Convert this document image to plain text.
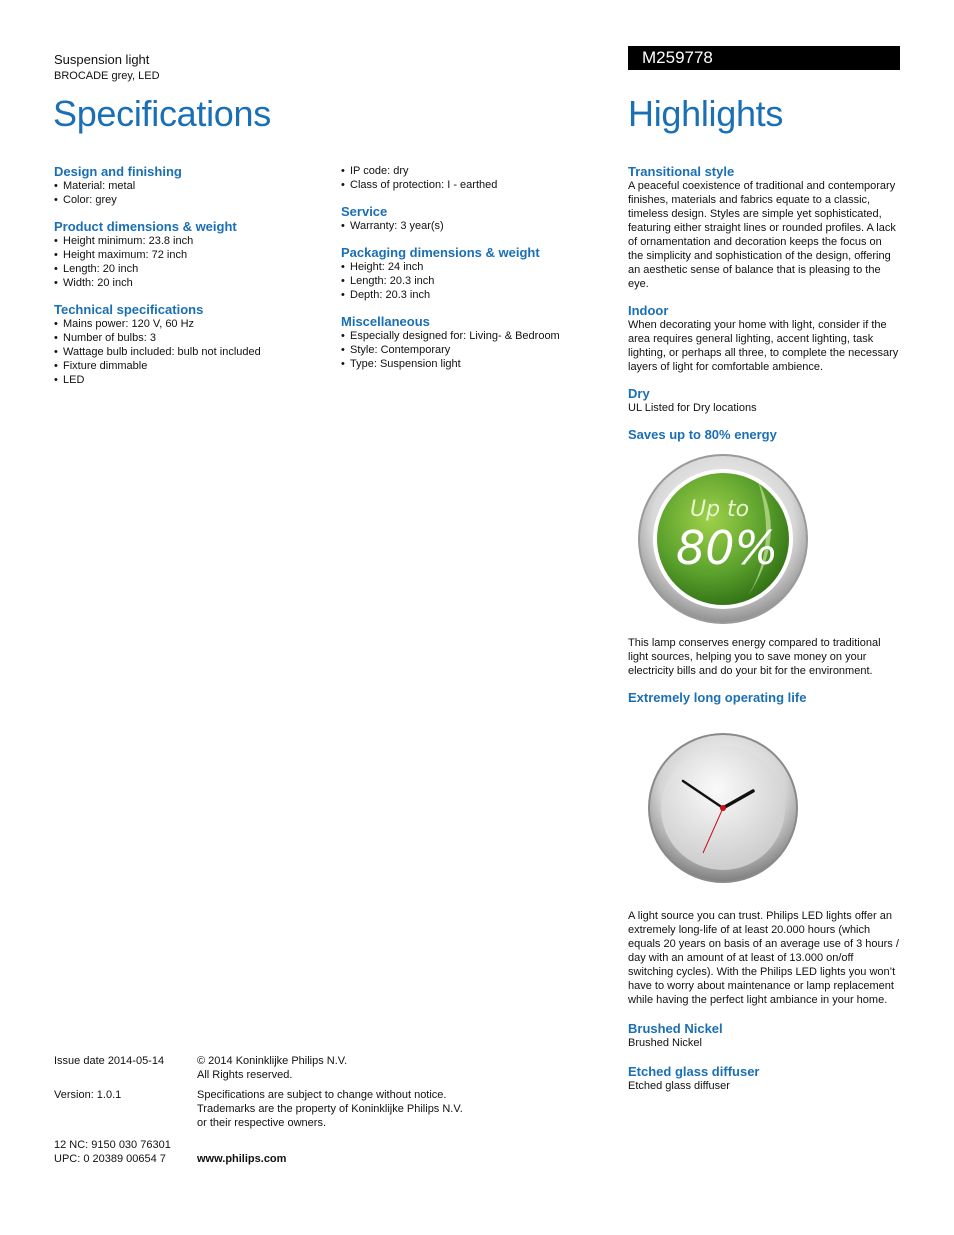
Suspension light
BROCADE grey, LED
Specifications
M259778
Highlights
Design and finishing
• Material: metal
• Color: grey
Product dimensions & weight
• Height minimum: 23.8 inch
• Height maximum: 72 inch
• Length: 20 inch
• Width: 20 inch
Technical specifications
• Mains power: 120 V, 60 Hz
• Number of bulbs: 3
• Wattage bulb included: bulb not included
• Fixture dimmable
• LED
• IP code: dry
• Class of protection: I - earthed
Service
• Warranty: 3 year(s)
Packaging dimensions & weight
• Height: 24 inch
• Length: 20.3 inch
• Depth: 20.3 inch
Miscellaneous
• Especially designed for: Living- & Bedroom
• Style: Contemporary
• Type: Suspension light
Transitional style
A peaceful coexistence of traditional and contemporary finishes, materials and fabrics equate to a classic, timeless design. Styles are simple yet sophisticated, featuring either straight lines or rounded profiles. A lack of ornamentation and decoration keeps the focus on the simplicity and sophistication of the design, offering an aesthetic sense of balance that is pleasing to the eye.
Indoor
When decorating your home with light, consider if the area requires general lighting, accent lighting, task lighting, or perhaps all three, to complete the necessary layers of light for comfortable ambience.
Dry
UL Listed for Dry locations
Saves up to 80% energy
Up to
80%
This lamp conserves energy compared to traditional light sources, helping you to save money on your electricity bills and do your bit for the environment.
Extremely long operating life
A light source you can trust. Philips LED lights offer an extremely long-life of at least 20.000 hours (which equals 20 years on basis of an average use of 3 hours / day with an amount of at least of 13.000 on/off switching cycles). With the Philips LED lights you won’t have to worry about maintenance or lamp replacement while having the perfect light ambiance in your home.
Brushed Nickel
Brushed Nickel
Etched glass diffuser
Etched glass diffuser
Issue date 2014-05-14	© 2014 Koninklijke Philips N.V.
All Rights reserved.
Version: 1.0.1	Specifications are subject to change without notice.
Trademarks are the property of Koninklijke Philips N.V.
or their respective owners.
12 NC: 9150 030 76301
UPC: 0 20389 00654 7	www.philips.com
